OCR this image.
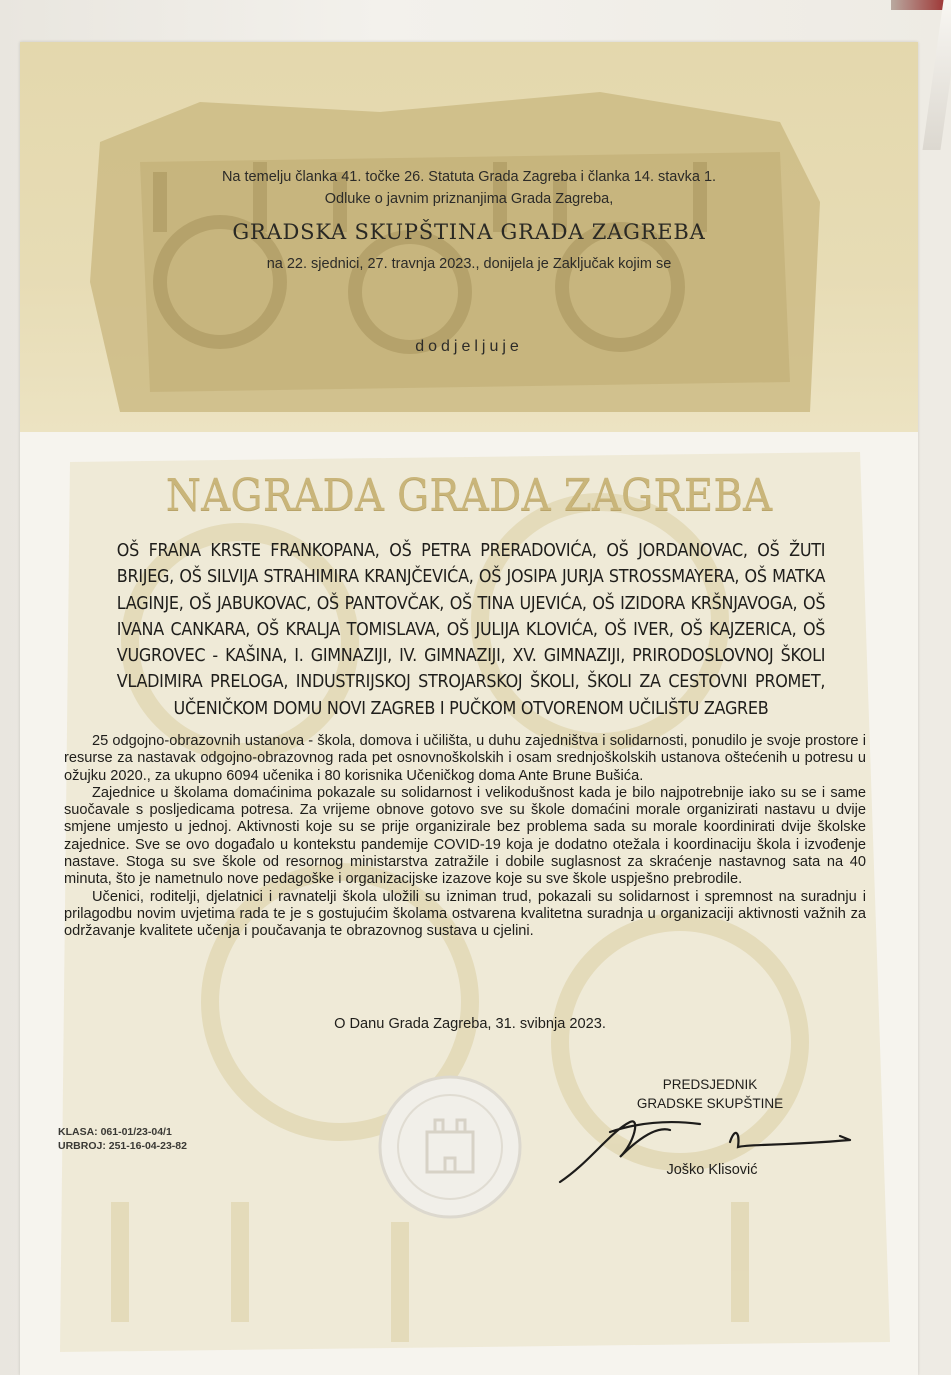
Na temelju članka 41. točke 26. Statuta Grada Zagreba i članka 14. stavka 1.
Odluke o javnim priznanjima Grada Zagreba,
GRADSKA SKUPŠTINA GRADA ZAGREBA
na 22. sjednici, 27. travnja 2023., donijela je Zaključak kojim se
dodjeljuje
NAGRADA GRADA ZAGREBA
OŠ FRANA KRSTE FRANKOPANA, OŠ PETRA PRERADOVIĆA, OŠ JORDANOVAC, OŠ ŽUTI BRIJEG, OŠ SILVIJA STRAHIMIRA KRANJČEVIĆA, OŠ JOSIPA JURJA STROSSMAYERA, OŠ MATKA LAGINJE, OŠ JABUKOVAC, OŠ PANTOVČAK, OŠ TINA UJEVIĆA, OŠ IZIDORA KRŠNJAVOGA, OŠ IVANA CANKARA, OŠ KRALJA TOMISLAVA, OŠ JULIJA KLOVIĆA, OŠ IVER, OŠ KAJZERICA, OŠ VUGROVEC - KAŠINA, I. GIMNAZIJI, IV. GIMNAZIJI, XV. GIMNAZIJI, PRIRODOSLOVNOJ ŠKOLI VLADIMIRA PRELOGA, INDUSTRIJSKOJ STROJARSKOJ ŠKOLI, ŠKOLI ZA CESTOVNI PROMET, UČENIČKOM DOMU NOVI ZAGREB I PUČKOM OTVORENOM UČILIŠTU ZAGREB

25 odgojno-obrazovnih ustanova - škola, domova i učilišta, u duhu zajedništva i solidarnosti, ponudilo je svoje prostore i resurse za nastavak odgojno-obrazovnog rada pet osnovnoškolskih i osam srednjoškolskih ustanova oštećenih u potresu u ožujku 2020., za ukupno 6094 učenika i 80 korisnika Učeničkog doma Ante Brune Bušića.

Zajednice u školama domaćinima pokazale su solidarnost i velikodušnost kada je bilo najpotrebnije iako su se i same suočavale s posljedicama potresa. Za vrijeme obnove gotovo sve su škole domaćini morale organizirati nastavu u dvije smjene umjesto u jednoj. Aktivnosti koje su se prije organizirale bez problema sada su morale koordinirati dvije školske zajednice. Sve se ovo događalo u kontekstu pandemije COVID-19 koja je dodatno otežala i koordinaciju škola i izvođenje nastave. Stoga su sve škole od resornog ministarstva zatražile i dobile suglasnost za skraćenje nastavnog sata na 40 minuta, što je nametnulo nove pedagoške i organizacijske izazove koje su sve škole uspješno prebrodile.

Učenici, roditelji, djelatnici i ravnatelji škola uložili su izniman trud, pokazali su solidarnost i spremnost na suradnju i prilagodbu novim uvjetima rada te je s gostujućim školama ostvarena kvalitetna suradnja u organizaciji aktivnosti važnih za održavanje kvalitete učenja i poučavanja te obrazovnog sustava u cjelini.

O Danu Grada Zagreba, 31. svibnja 2023.
KLASA: 061-01/23-04/1
URBROJ: 251-16-04-23-82
PREDSJEDNIK
GRADSKE SKUPŠTINE
Joško Klisović
